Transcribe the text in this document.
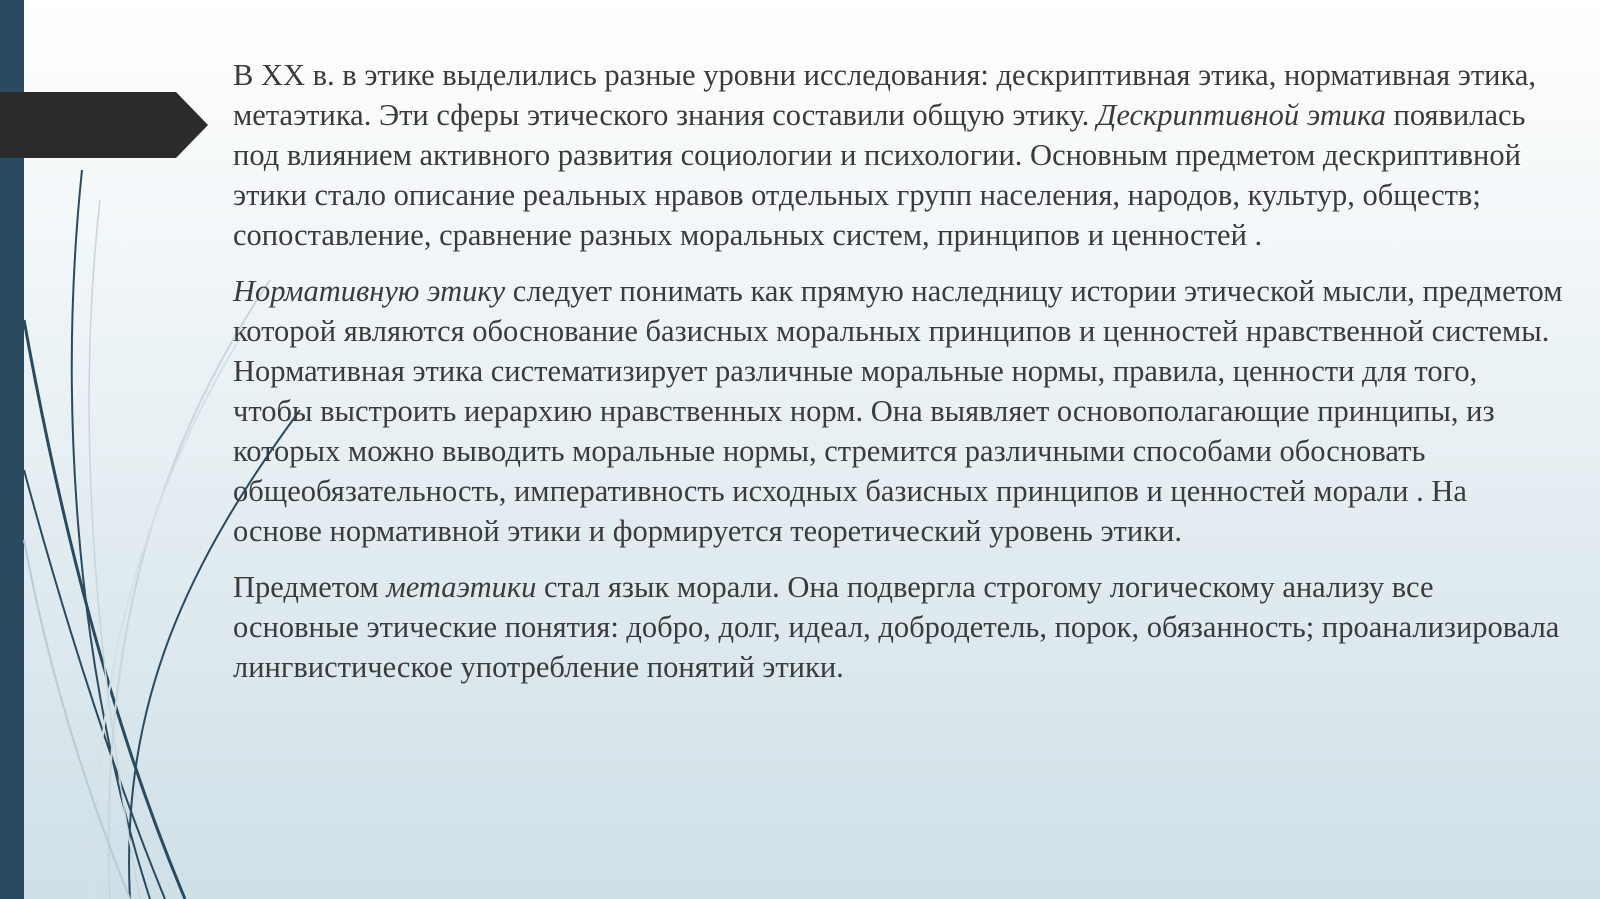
В XX в. в этике выделились разные уровни исследования: дескриптивная этика, нормативная этика, метаэтика. Эти сферы этического знания составили общую этику. Дескриптивной этика появилась под влиянием активного развития социологии и психологии. Основным предметом дескриптивной этики стало описание реальных нравов отдельных групп населения, народов, культур, обществ; сопоставление, сравнение разных моральных систем, принципов и ценностей .

Нормативную этику следует понимать как прямую наследницу истории этической мысли, предметом которой являются обоснование базисных моральных принципов и ценностей нравственной системы. Нормативная этика систематизирует различные моральные нормы, правила, ценности для того, чтобы выстроить иерархию нравственных норм. Она выявляет основополагающие принципы, из которых можно выводить моральные нормы, стремится различными способами обосновать общеобязательность, императивность исходных базисных принципов и ценностей морали . На основе нормативной этики и формируется теоретический уровень этики.

Предметом метаэтики стал язык морали. Она подвергла строгому логическому анализу все основные этические понятия: добро, долг, идеал, добродетель, порок, обязанность; проанализировала лингвистическое употребление понятий этики.
